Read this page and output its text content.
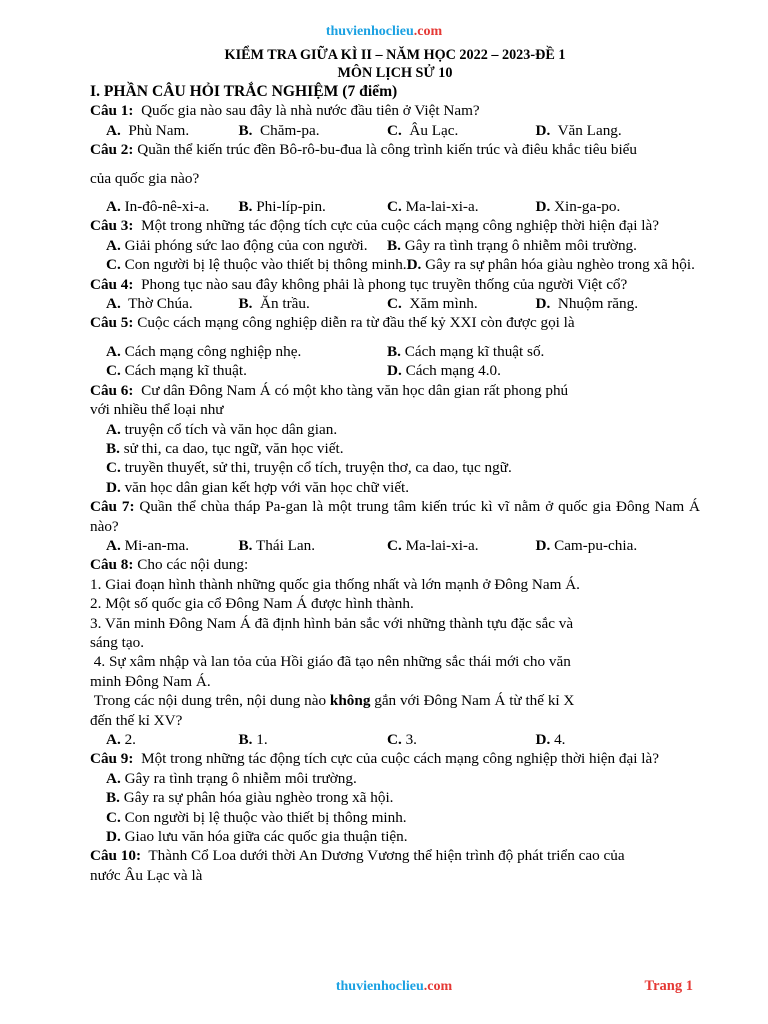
thuvienhoclieu.com
KIỂM TRA GIỮA KÌ II – NĂM HỌC 2022 – 2023-ĐỀ 1
MÔN LỊCH SỬ 10
I. PHẦN CÂU HỎI TRẮC NGHIỆM (7 điểm)
Câu 1:  Quốc gia nào sau đây là nhà nước đầu tiên ở Việt Nam?
A.  Phù Nam.	B.  Chăm-pa.	C.  Âu Lạc.	D.  Văn Lang.
Câu 2: Quần thể kiến trúc đền Bô-rô-bu-đua là công trình kiến trúc và điêu khắc tiêu biểu
của quốc gia nào?
A. In-đô-nê-xi-a.	B. Phi-líp-pin.	C. Ma-lai-xi-a.	D. Xin-ga-po.
Câu 3:  Một trong những tác động tích cực của cuộc cách mạng công nghiệp thời hiện đại là?
A. Giải phóng sức lao động của con người.	B. Gây ra tình trạng ô nhiễm môi trường.
C. Con người bị lệ thuộc vào thiết bị thông minh.D. Gây ra sự phân hóa giàu nghèo trong xã hội.
Câu 4:  Phong tục nào sau đây không phải là phong tục truyền thống của người Việt cổ?
A.  Thờ Chúa.	B.  Ăn trầu.	C.  Xăm mình.	D.  Nhuộm răng.
Câu 5: Cuộc cách mạng công nghiệp diễn ra từ đầu thế kỷ XXI còn được gọi là
A. Cách mạng công nghiệp nhẹ.	B. Cách mạng kĩ thuật số.
C. Cách mạng kĩ thuật.	D. Cách mạng 4.0.
Câu 6:  Cư dân Đông Nam Á có một kho tàng văn học dân gian rất phong phú
với nhiều thể loại như
A. truyện cổ tích và văn học dân gian.
B. sử thi, ca dao, tục ngữ, văn học viết.
C. truyền thuyết, sử thi, truyện cổ tích, truyện thơ, ca dao, tục ngữ.
D. văn học dân gian kết hợp với văn học chữ viết.
Câu 7: Quần thể chùa tháp Pa-gan là một trung tâm kiến trúc kì vĩ nằm ở quốc gia Đông Nam Á nào?
A. Mi-an-ma.	B. Thái Lan.	C. Ma-lai-xi-a.	D. Cam-pu-chia.
Câu 8: Cho các nội dung:
1. Giai đoạn hình thành những quốc gia thống nhất và lớn mạnh ở Đông Nam Á.
2. Một số quốc gia cổ Đông Nam Á được hình thành.
3. Văn minh Đông Nam Á đã định hình bản sắc với những thành tựu đặc sắc và
sáng tạo.
4. Sự xâm nhập và lan tỏa của Hồi giáo đã tạo nên những sắc thái mới cho văn
minh Đông Nam Á.
Trong các nội dung trên, nội dung nào không gắn với Đông Nam Á từ thế kỉ X
đến thế kỉ XV?
A. 2.	B. 1.	C. 3.	D. 4.
Câu 9:  Một trong những tác động tích cực của cuộc cách mạng công nghiệp thời hiện đại là?
A. Gây ra tình trạng ô nhiễm môi trường.
B. Gây ra sự phân hóa giàu nghèo trong xã hội.
C. Con người bị lệ thuộc vào thiết bị thông minh.
D. Giao lưu văn hóa giữa các quốc gia thuận tiện.
Câu 10:  Thành Cổ Loa dưới thời An Dương Vương thể hiện trình độ phát triển cao của
nước Âu Lạc và là
thuvienhoclieu.com	Trang 1
